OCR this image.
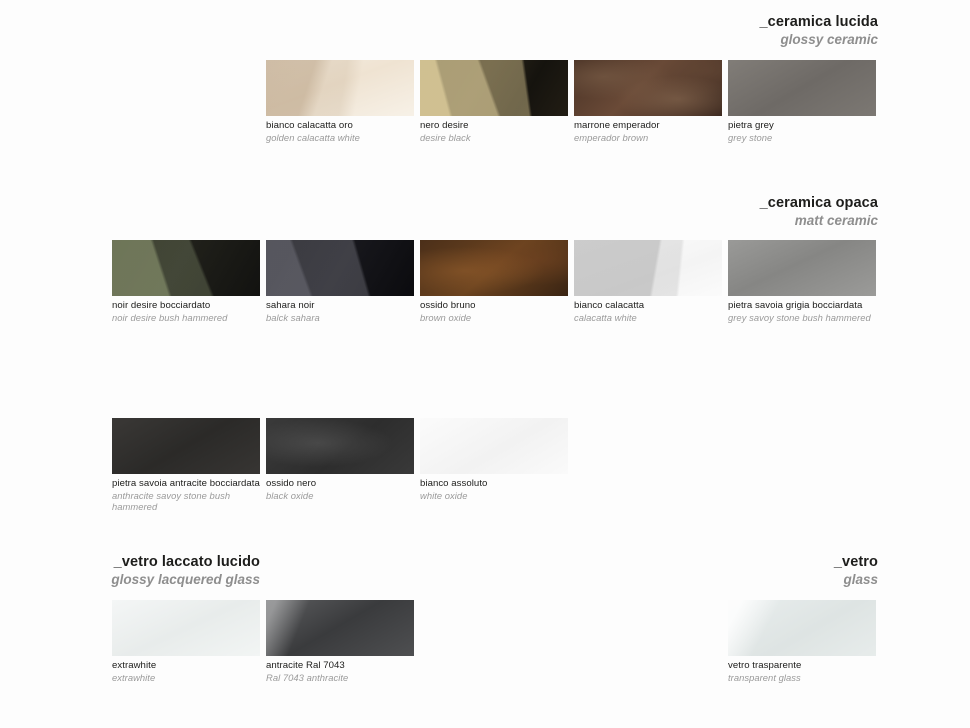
_ceramica lucida
glossy ceramic
bianco calacatta oro
golden calacatta white
nero desire
desire black
marrone emperador
emperador brown
pietra grey
grey stone
_ceramica opaca
matt ceramic
noir desire bocciardato
noir desire bush hammered
sahara noir
balck sahara
ossido bruno
brown oxide
bianco calacatta
calacatta white
pietra savoia grigia bocciardata
grey savoy stone bush hammered
pietra savoia antracite bocciardata
anthracite savoy stone bush hammered
ossido nero
black oxide
bianco assoluto
white oxide
_vetro laccato lucido
glossy lacquered glass
extrawhite
extrawhite
antracite Ral 7043
Ral 7043 anthracite
_vetro
glass
vetro trasparente
transparent glass
